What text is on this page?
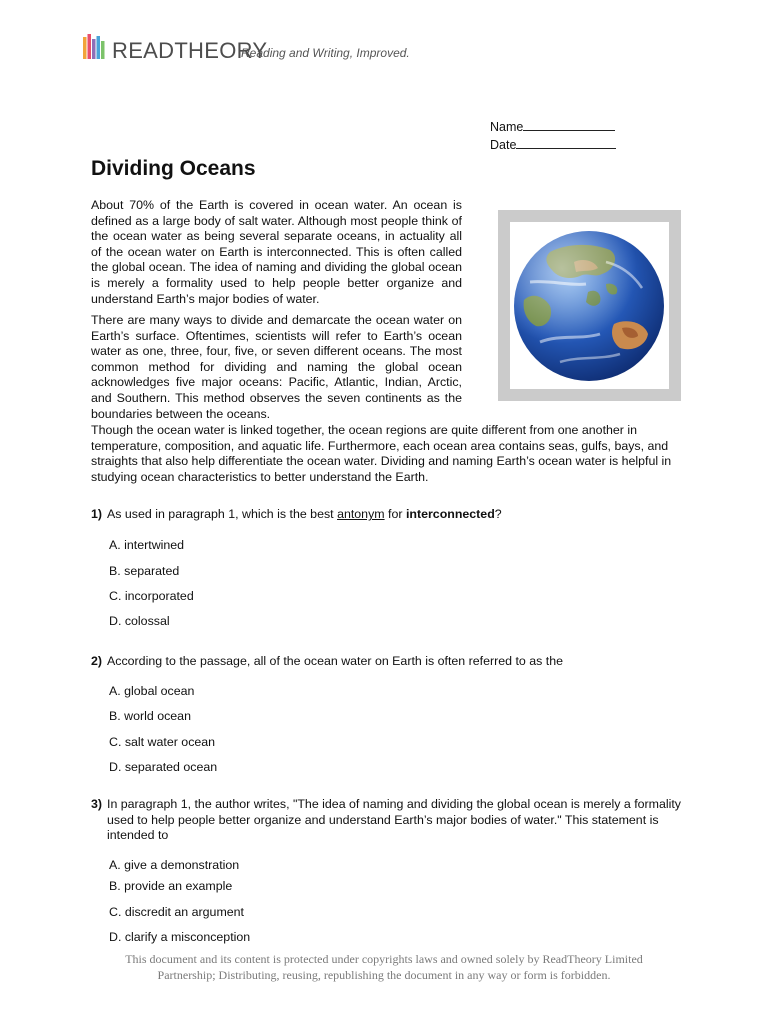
READTHEORY
Reading and Writing, Improved.
Name
Date
Dividing Oceans

About 70% of the Earth is covered in ocean water. An ocean is defined as a large body of salt water. Although most people think of the ocean water as being several separate oceans, in actuality all of the ocean water on Earth is interconnected. This is often called the global ocean. The idea of naming and dividing the global ocean is merely a formality used to help people better organize and understand Earth’s major bodies of water.

There are many ways to divide and demarcate the ocean water on Earth’s surface. Oftentimes, scientists will refer to Earth’s ocean water as one, three, four, five, or seven different oceans. The most common method for dividing and naming the global ocean acknowledges five major oceans: Pacific, Atlantic, Indian, Arctic, and Southern. This method observes the seven continents as the boundaries between the oceans.

Though the ocean water is linked together, the ocean regions are quite different from one another in temperature, composition, and aquatic life. Furthermore, each ocean area contains seas, gulfs, bays, and straights that also help differentiate the ocean water. Dividing and naming Earth’s ocean water is helpful in studying ocean characteristics to better understand the Earth.

1) As used in paragraph 1, which is the best antonym for interconnected?
A. intertwined
B. separated
C. incorporated
D. colossal
2) According to the passage, all of the ocean water on Earth is often referred to as the
A. global ocean
B. world ocean
C. salt water ocean
D. separated ocean
3) In paragraph 1, the author writes, "The idea of naming and dividing the global ocean is merely a formality used to help people better organize and understand Earth’s major bodies of water." This statement is intended to
A. give a demonstration
B. provide an example
C. discredit an argument
D. clarify a misconception
This document and its content is protected under copyrights laws and owned solely by ReadTheory Limited
Partnership; Distributing, reusing, republishing the document in any way or form is forbidden.
